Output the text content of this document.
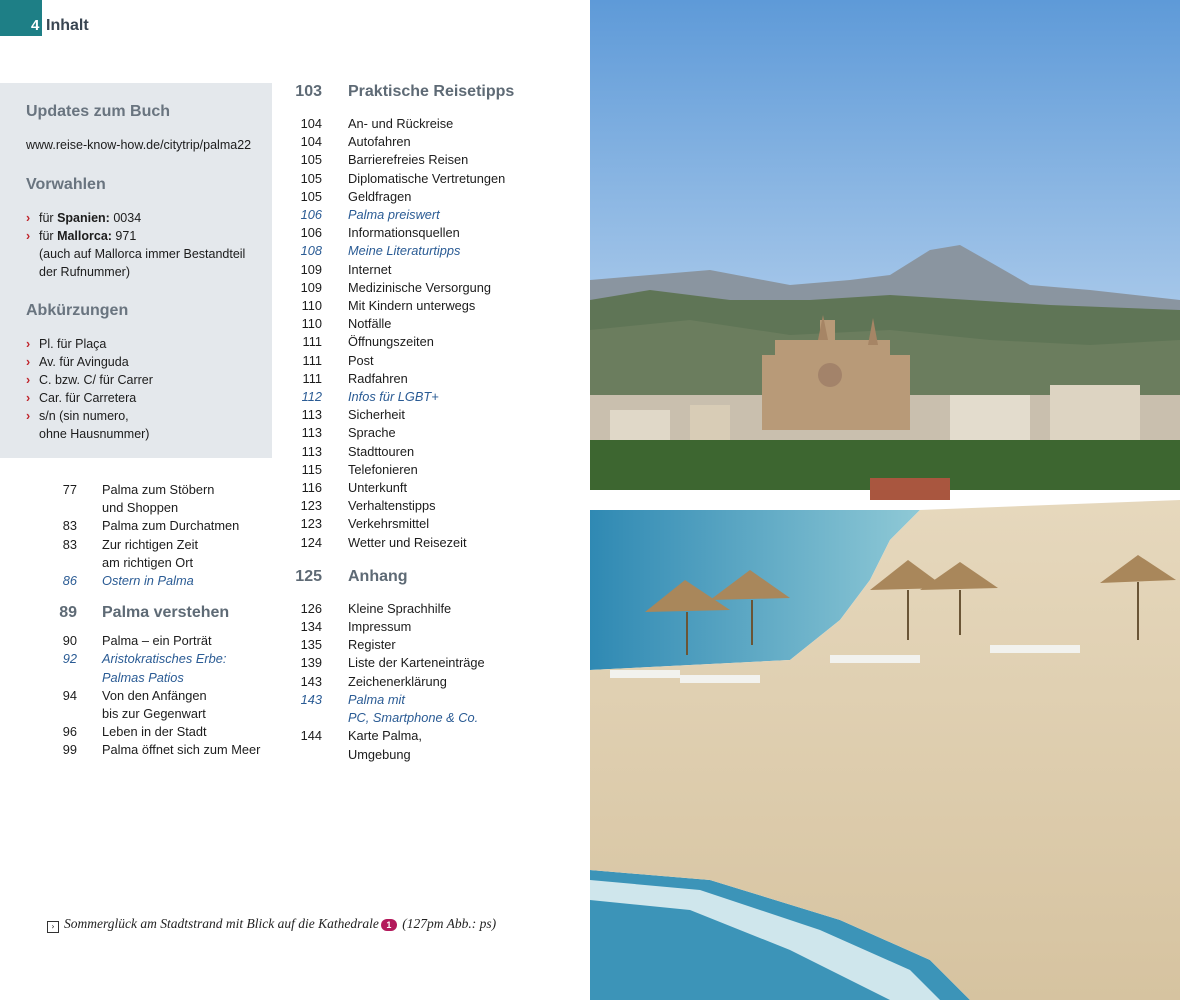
4 Inhalt
Updates zum Buch
www.reise-know-how.de/citytrip/palma22
Vorwahlen
› für Spanien: 0034
› für Mallorca: 971
(auch auf Mallorca immer Bestandteil
der Rufnummer)
Abkürzungen
› Pl. für Plaça
› Av. für Avinguda
› C. bzw. C/ für Carrer
› Car. für Carretera
› s/n (sin numero,
ohne Hausnummer)
77	Palma zum Stöbern
und Shoppen
83	Palma zum Durchatmen
83	Zur richtigen Zeit
am richtigen Ort
86	Ostern in Palma
89	Palma verstehen
90	Palma – ein Porträt
92	Aristokratisches Erbe:
Palmas Patios
94	Von den Anfängen
bis zur Gegenwart
96	Leben in der Stadt
99	Palma öffnet sich zum Meer
103	Praktische Reisetipps
104	An- und Rückreise
104	Autofahren
105	Barrierefreies Reisen
105	Diplomatische Vertretungen
105	Geldfragen
106	Palma preiswert
106	Informationsquellen
108	Meine Literaturtipps
109	Internet
109	Medizinische Versorgung
110	Mit Kindern unterwegs
110	Notfälle
111	Öffnungszeiten
111	Post
111	Radfahren
112	Infos für LGBT+
113	Sicherheit
113	Sprache
113	Stadttouren
115	Telefonieren
116	Unterkunft
123	Verhaltenstipps
123	Verkehrsmittel
124	Wetter und Reisezeit
125	Anhang
126	Kleine Sprachhilfe
134	Impressum
135	Register
139	Liste der Karteneinträge
143	Zeichenerklärung
143	Palma mit
PC, Smartphone & Co.
144	Karte Palma,
Umgebung
› Sommerglück am Stadtstrand mit Blick auf die Kathedrale 1 (127pm Abb.: ps)
